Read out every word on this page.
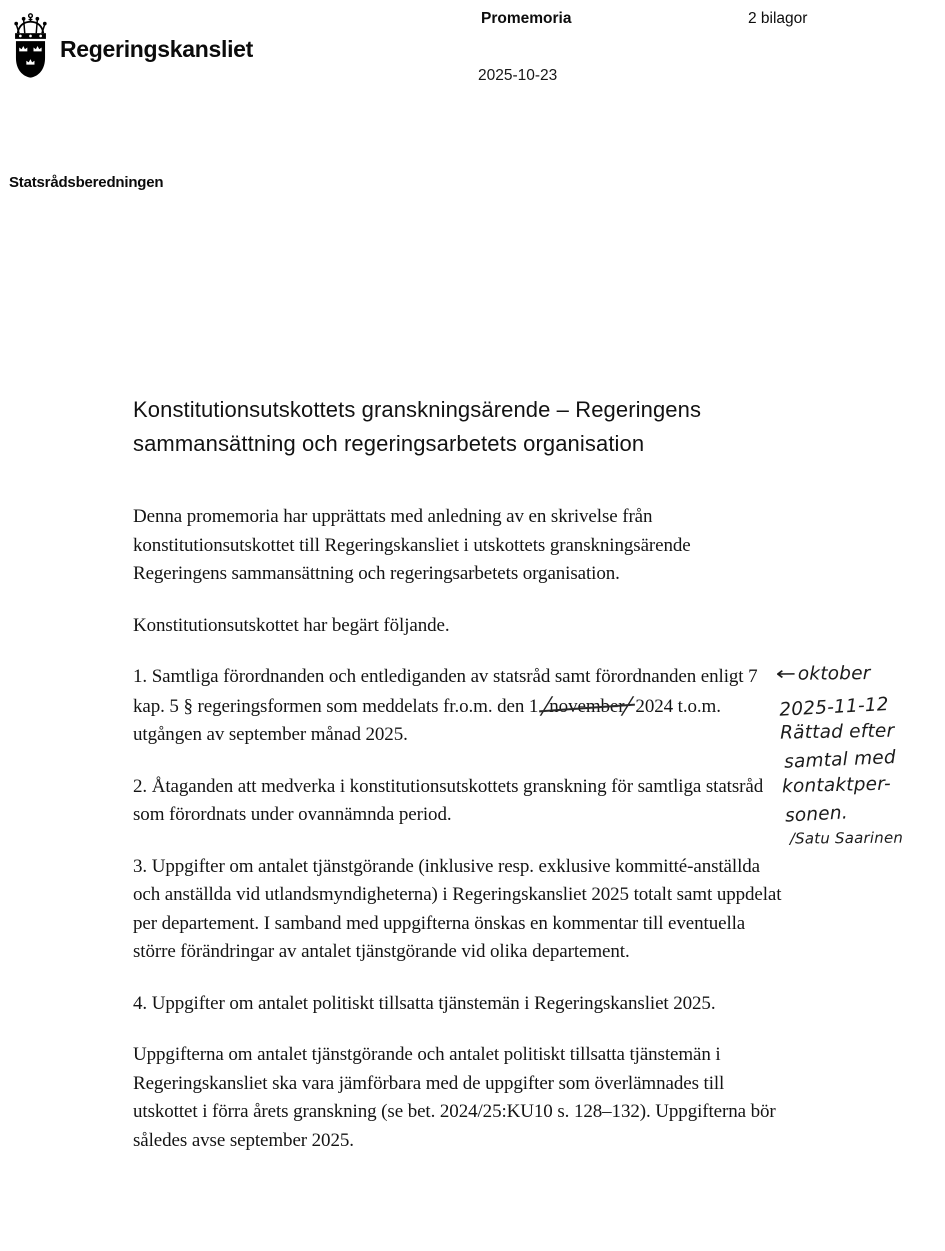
Regeringskansliet
Promemoria	2 bilagor
2025-10-23
Statsrådsberedningen
Konstitutionsutskottets granskningsärende – Regeringens sammansättning och regeringsarbetets organisation

Denna promemoria har upprättats med anledning av en skrivelse från konstitutionsutskottet till Regeringskansliet i utskottets granskningsärende Regeringens sammansättning och regeringsarbetets organisation.

Konstitutionsutskottet har begärt följande.

1. Samtliga förordnanden och entlediganden av statsråd samt förordnanden enligt 7 kap. 5 § regeringsformen som meddelats fr.o.m. den 1 /november/ 2024 t.o.m. utgången av september månad 2025.

2. Åtaganden att medverka i konstitutionsutskottets granskning för samtliga statsråd som förordnats under ovannämnda period.

3. Uppgifter om antalet tjänstgörande (inklusive resp. exklusive kommitté-anställda och anställda vid utlandsmyndigheterna) i Regeringskansliet 2025 totalt samt uppdelat per departement. I samband med uppgifterna önskas en kommentar till eventuella större förändringar av antalet tjänstgörande vid olika departement.

4. Uppgifter om antalet politiskt tillsatta tjänstemän i Regeringskansliet 2025.

Uppgifterna om antalet tjänstgörande och antalet politiskt tillsatta tjänstemän i Regeringskansliet ska vara jämförbara med de uppgifter som överlämnades till utskottet i förra årets granskning (se bet. 2024/25:KU10 s. 128–132). Uppgifterna bör således avse september 2025.

←oktober
2025-11-12
Rättad efter
samtal med
kontaktper-
sonen.
/Satu Saarinen
